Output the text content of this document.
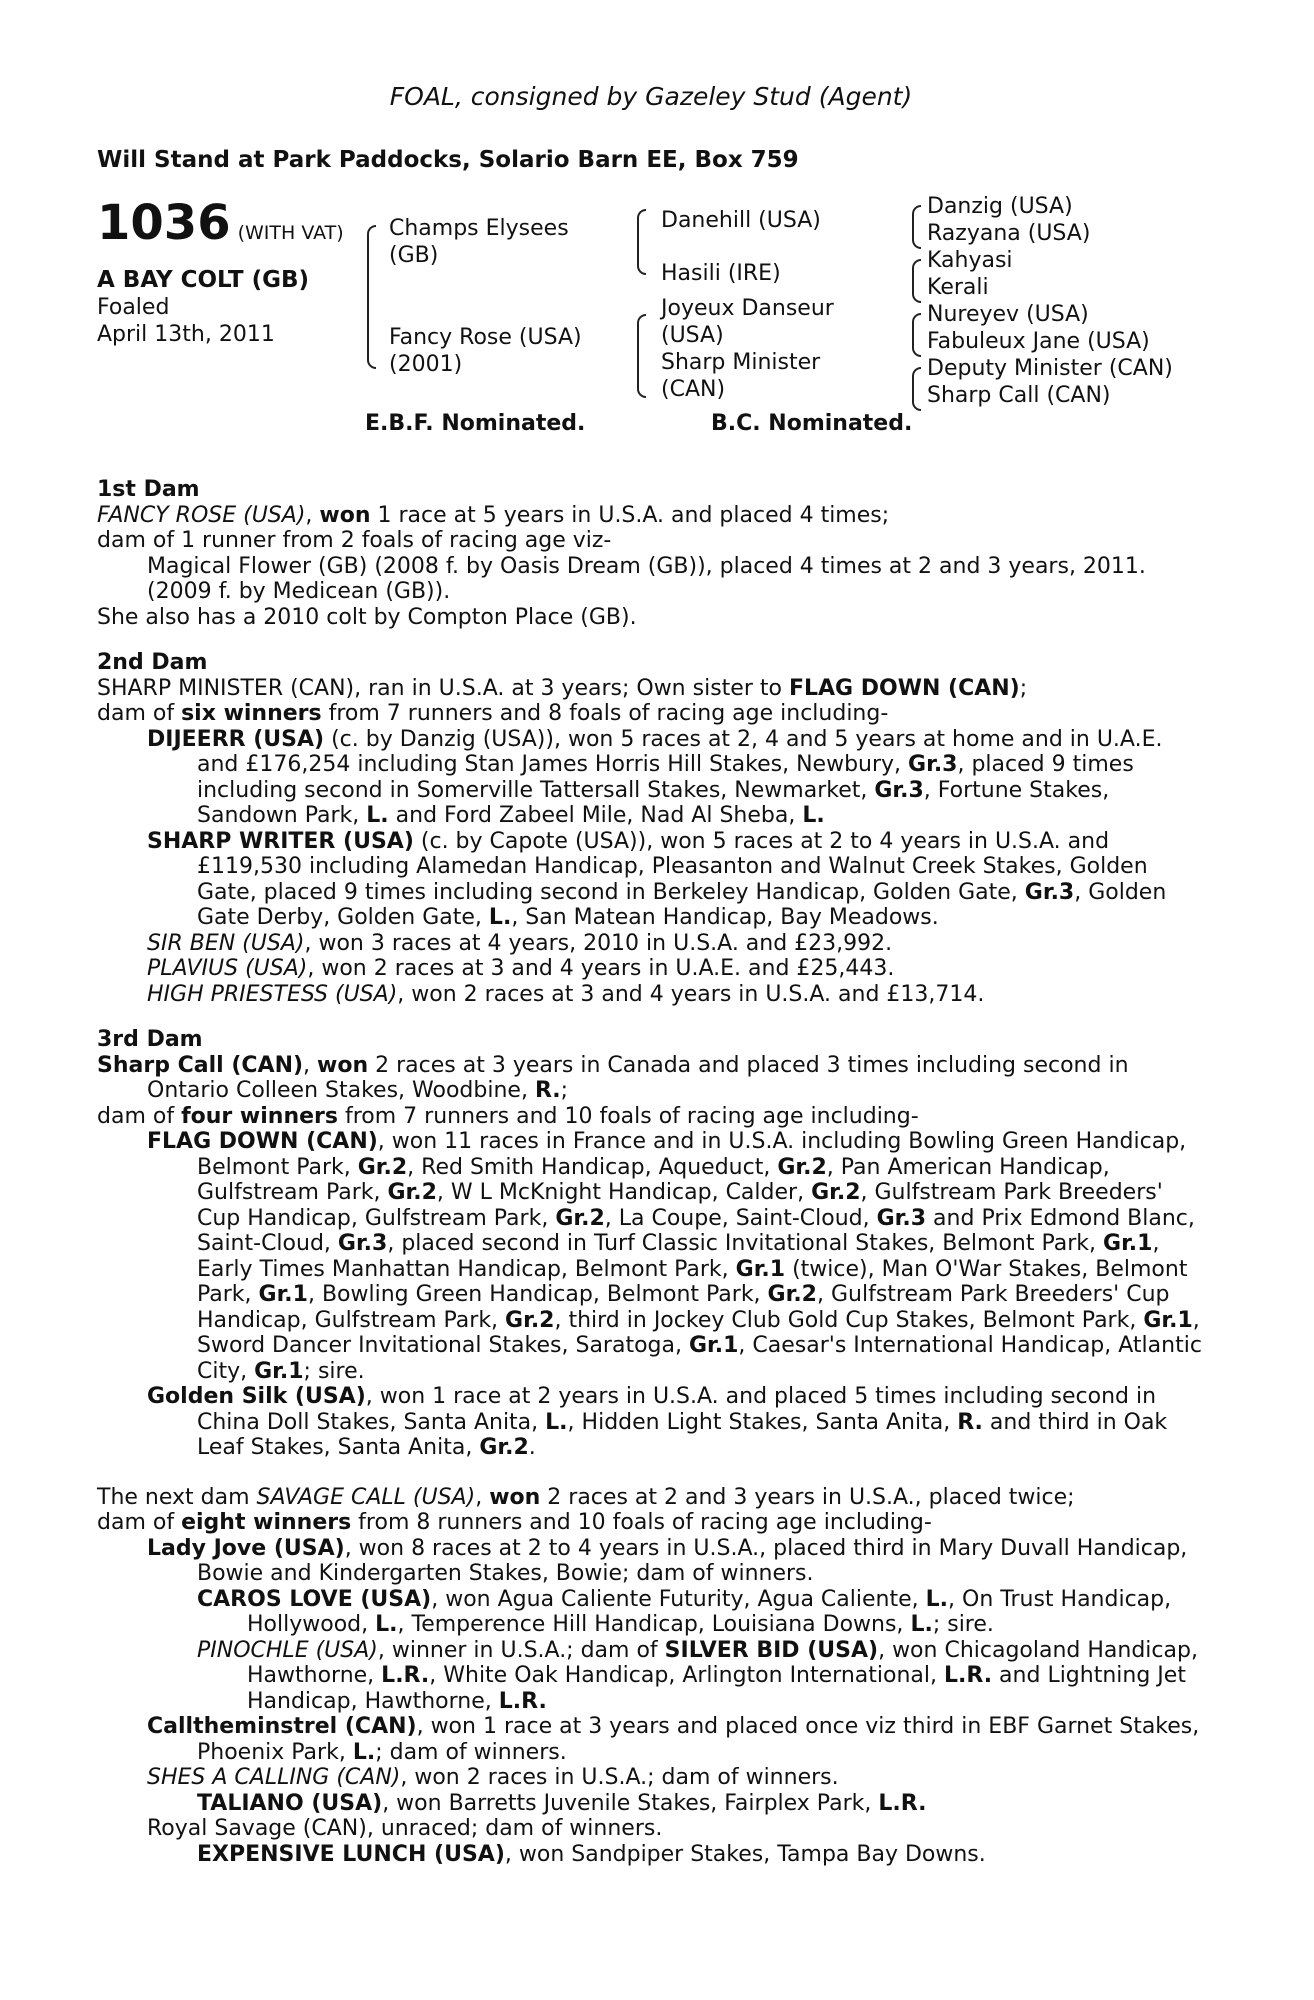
FOAL, consigned by Gazeley Stud (Agent)
Will Stand at Park Paddocks, Solario Barn EE, Box 759
1036 (WITH VAT)
A BAY COLT (GB)
Foaled
April 13th, 2011
Champs Elysees
(GB)
Fancy Rose (USA)
(2001)
Danehill (USA)
Hasili (IRE)
Joyeux Danseur
(USA)
Sharp Minister
(CAN)
Danzig (USA)
Razyana (USA)
Kahyasi
Kerali
Nureyev (USA)
Fabuleux Jane (USA)
Deputy Minister (CAN)
Sharp Call (CAN)
E.B.F. Nominated.	B.C. Nominated.
1st Dam

FANCY ROSE (USA), won 1 race at 5 years in U.S.A. and placed 4 times;

dam of 1 runner from 2 foals of racing age viz-

Magical Flower (GB) (2008 f. by Oasis Dream (GB)), placed 4 times at 2 and 3 years, 2011.

(2009 f. by Medicean (GB)).

She also has a 2010 colt by Compton Place (GB).

2nd Dam

SHARP MINISTER (CAN), ran in U.S.A. at 3 years; Own sister to FLAG DOWN (CAN);

dam of six winners from 7 runners and 8 foals of racing age including-

DIJEERR (USA) (c. by Danzig (USA)), won 5 races at 2, 4 and 5 years at home and in U.A.E. and £176,254 including Stan James Horris Hill Stakes, Newbury, Gr.3, placed 9 times including second in Somerville Tattersall Stakes, Newmarket, Gr.3, Fortune Stakes, Sandown Park, L. and Ford Zabeel Mile, Nad Al Sheba, L.

SHARP WRITER (USA) (c. by Capote (USA)), won 5 races at 2 to 4 years in U.S.A. and £119,530 including Alamedan Handicap, Pleasanton and Walnut Creek Stakes, Golden Gate, placed 9 times including second in Berkeley Handicap, Golden Gate, Gr.3, Golden Gate Derby, Golden Gate, L., San Matean Handicap, Bay Meadows.

SIR BEN (USA), won 3 races at 4 years, 2010 in U.S.A. and £23,992.

PLAVIUS (USA), won 2 races at 3 and 4 years in U.A.E. and £25,443.

HIGH PRIESTESS (USA), won 2 races at 3 and 4 years in U.S.A. and £13,714.

3rd Dam

Sharp Call (CAN), won 2 races at 3 years in Canada and placed 3 times including second in Ontario Colleen Stakes, Woodbine, R.;

dam of four winners from 7 runners and 10 foals of racing age including-

FLAG DOWN (CAN), won 11 races in France and in U.S.A. including Bowling Green Handicap, Belmont Park, Gr.2, Red Smith Handicap, Aqueduct, Gr.2, Pan American Handicap, Gulfstream Park, Gr.2, W L McKnight Handicap, Calder, Gr.2, Gulfstream Park Breeders' Cup Handicap, Gulfstream Park, Gr.2, La Coupe, Saint-Cloud, Gr.3 and Prix Edmond Blanc, Saint-Cloud, Gr.3, placed second in Turf Classic Invitational Stakes, Belmont Park, Gr.1, Early Times Manhattan Handicap, Belmont Park, Gr.1 (twice), Man O'War Stakes, Belmont Park, Gr.1, Bowling Green Handicap, Belmont Park, Gr.2, Gulfstream Park Breeders' Cup Handicap, Gulfstream Park, Gr.2, third in Jockey Club Gold Cup Stakes, Belmont Park, Gr.1, Sword Dancer Invitational Stakes, Saratoga, Gr.1, Caesar's International Handicap, Atlantic City, Gr.1; sire.

Golden Silk (USA), won 1 race at 2 years in U.S.A. and placed 5 times including second in China Doll Stakes, Santa Anita, L., Hidden Light Stakes, Santa Anita, R. and third in Oak Leaf Stakes, Santa Anita, Gr.2.

The next dam SAVAGE CALL (USA), won 2 races at 2 and 3 years in U.S.A., placed twice;

dam of eight winners from 8 runners and 10 foals of racing age including-

Lady Jove (USA), won 8 races at 2 to 4 years in U.S.A., placed third in Mary Duvall Handicap, Bowie and Kindergarten Stakes, Bowie; dam of winners.

CAROS LOVE (USA), won Agua Caliente Futurity, Agua Caliente, L., On Trust Handicap, Hollywood, L., Temperence Hill Handicap, Louisiana Downs, L.; sire.

PINOCHLE (USA), winner in U.S.A.; dam of SILVER BID (USA), won Chicagoland Handicap, Hawthorne, L.R., White Oak Handicap, Arlington International, L.R. and Lightning Jet Handicap, Hawthorne, L.R.

Calltheminstrel (CAN), won 1 race at 3 years and placed once viz third in EBF Garnet Stakes, Phoenix Park, L.; dam of winners.

SHES A CALLING (CAN), won 2 races in U.S.A.; dam of winners.

TALIANO (USA), won Barretts Juvenile Stakes, Fairplex Park, L.R.

Royal Savage (CAN), unraced; dam of winners.

EXPENSIVE LUNCH (USA), won Sandpiper Stakes, Tampa Bay Downs.
